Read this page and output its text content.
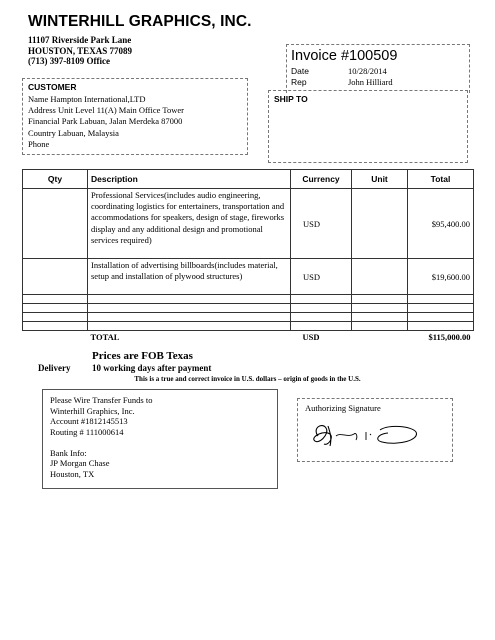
WINTERHILL GRAPHICS, INC.
11107 Riverside Park Lane
HOUSTON, TEXAS 77089
(713) 397-8109 Office	Invoice #100509
Date	10/28/2014
Rep	John Hilliard
CUSTOMER
Name Hampton International,LTD
Address Unit Level 11(A) Main Office Tower
Financial Park Labuan, Jalan Merdeka 87000
Country Labuan, Malaysia
Phone
SHIP TO
Qty	Description	Currency	Unit	Total
	Professional Services(includes audio engineering, coordinating logistics for entertainers, transportation and accommodations for speakers, design of stage, fireworks display and any additional design and promotional services required)	USD		$95,400.00
	Installation of advertising billboards(includes material, setup and installation of plywood structures)	USD		$19,600.00

	TOTAL	USD		$115,000.00
Prices are FOB Texas
Delivery 10 working days after payment
This is a true and correct invoice in U.S. dollars – origin of goods in the U.S.
Please Wire Transfer Funds to
Winterhill Graphics, Inc.
Account #1812145513
Routing # 111000614
Bank Info:
JP Morgan Chase
Houston, TX
Authorizing Signature
